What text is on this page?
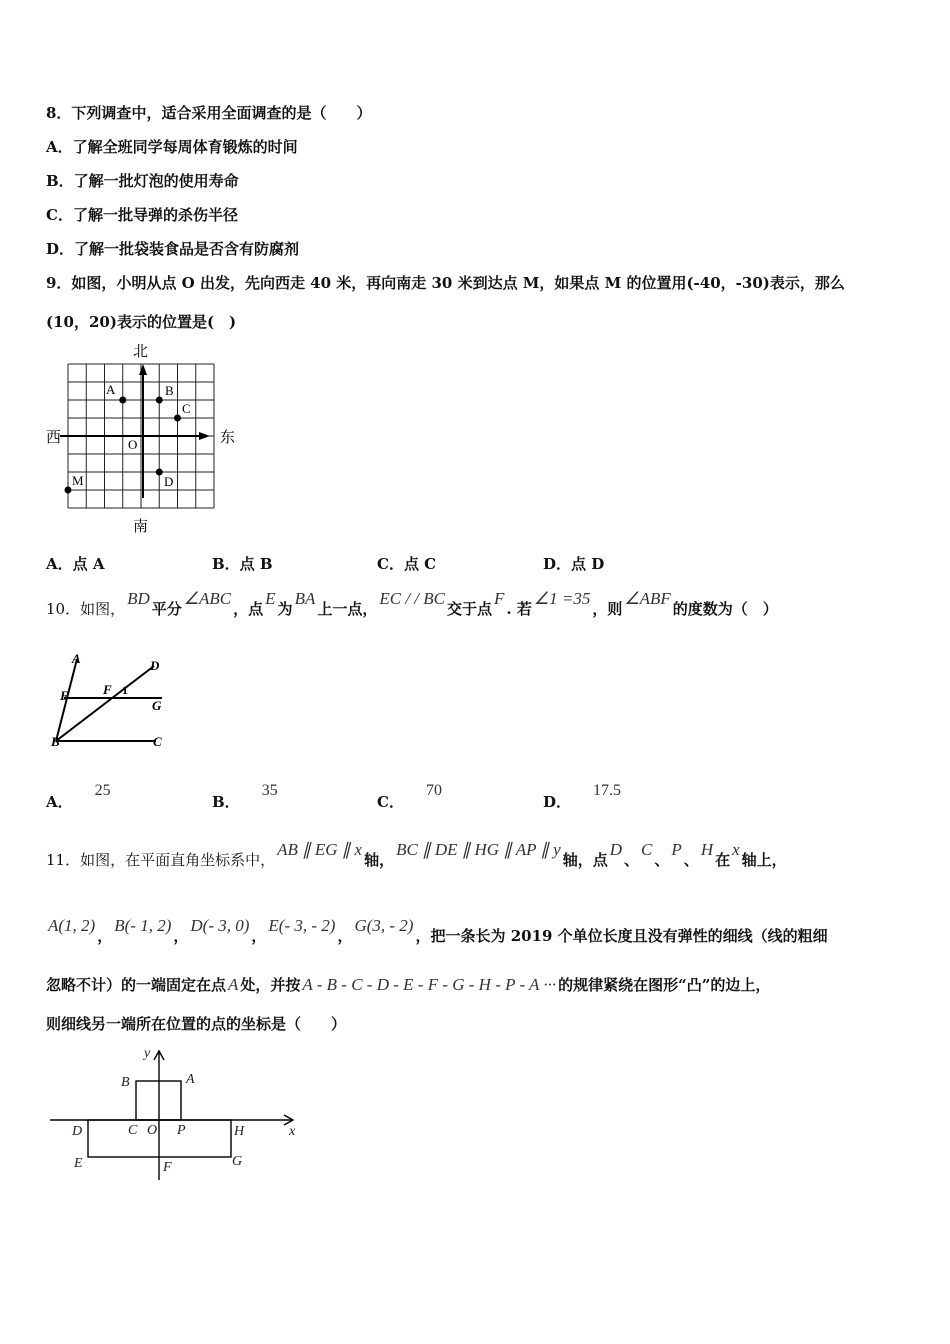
8．下列调查中，适合采用全面调查的是（　　）
A．了解全班同学每周体育锻炼的时间
B．了解一批灯泡的使用寿命
C．了解一批导弹的杀伤半径
D．了解一批袋装食品是否含有防腐剂
9．如图，小明从点 O 出发，先向西走 40 米，再向南走 30 米到达点 M，如果点 M 的位置用(-40，-30)表示，那么
(10，20)表示的位置是(　)
北
南
西	东
A	B
C
O
M	D
A．点 A	B．点 B	C．点 C	D．点 D
10．如图，BD平分∠ABC，点E为BA上一点，EC / / BC交于点F. 若∠1 =35，则∠ABF的度数为（　）
A	D
E	F 1
G
B	C
A．25
B．35
C．70
D．17.5
11．如图，在平面直角坐标系中，AB ∥ EG ∥ x轴，BC ∥ DE ∥ HG ∥ AP ∥ y轴，点D、C、P、H在x轴上，
A(1, 2)，B(- 1, 2)，D(- 3, 0)，E(- 3, - 2)，G(3, - 2)，把一条长为 2019 个单位长度且没有弹性的细线（线的粗细
忽略不计）的一端固定在点 A 处，并按 A - B - C - D - E - F - G - H - P - A ··· 的规律紧绕在图形“凸”的边上，
则细线另一端所在位置的点的坐标是（　　）
y
B	A
D	C O P	H	x
E	F	G
